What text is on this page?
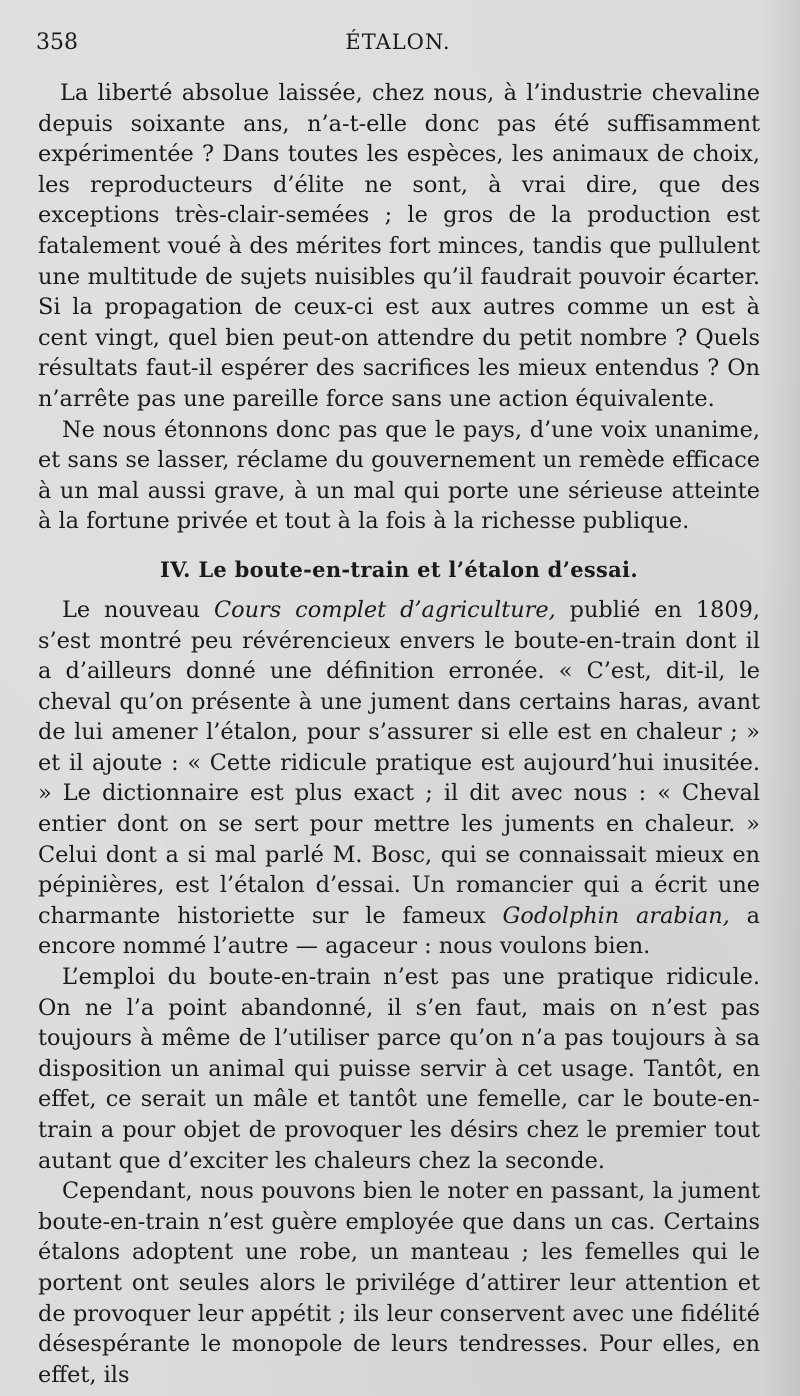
358	ÉTALON.

La liberté absolue laissée, chez nous, à l’industrie chevaline depuis soixante ans, n’a-t-elle donc pas été suffisamment expérimentée ? Dans toutes les espèces, les animaux de choix, les reproducteurs d’élite ne sont, à vrai dire, que des exceptions très-clair-semées ; le gros de la production est fatalement voué à des mérites fort minces, tandis que pullulent une multitude de sujets nuisibles qu’il faudrait pouvoir écarter. Si la propagation de ceux-ci est aux autres comme un est à cent vingt, quel bien peut-on attendre du petit nombre ? Quels résultats faut-il espérer des sacrifices les mieux entendus ? On n’arrête pas une pareille force sans une action équivalente.

Ne nous étonnons donc pas que le pays, d’une voix unanime, et sans se lasser, réclame du gouvernement un remède efficace à un mal aussi grave, à un mal qui porte une sérieuse atteinte à la fortune privée et tout à la fois à la richesse publique.

IV. Le boute-en-train et l’étalon d’essai.

Le nouveau Cours complet d’agriculture, publié en 1809, s’est montré peu révérencieux envers le boute-en-train dont il a d’ailleurs donné une définition erronée. « C’est, dit-il, le cheval qu’on présente à une jument dans certains haras, avant de lui amener l’étalon, pour s’assurer si elle est en chaleur ; » et il ajoute : « Cette ridicule pratique est aujourd’hui inusitée. » Le dictionnaire est plus exact ; il dit avec nous : « Cheval entier dont on se sert pour mettre les juments en chaleur. » Celui dont a si mal parlé M. Bosc, qui se connaissait mieux en pépinières, est l’étalon d’essai. Un romancier qui a écrit une charmante historiette sur le fameux Godolphin arabian, a encore nommé l’autre — agaceur : nous voulons bien.

L’emploi du boute-en-train n’est pas une pratique ridicule. On ne l’a point abandonné, il s’en faut, mais on n’est pas toujours à même de l’utiliser parce qu’on n’a pas toujours à sa disposition un animal qui puisse servir à cet usage. Tantôt, en effet, ce serait un mâle et tantôt une femelle, car le boute-en-train a pour objet de provoquer les désirs chez le premier tout autant que d’exciter les chaleurs chez la seconde.

Cependant, nous pouvons bien le noter en passant, la jument boute-en-train n’est guère employée que dans un cas. Certains étalons adoptent une robe, un manteau ; les femelles qui le portent ont seules alors le privilége d’attirer leur attention et de provoquer leur appétit ; ils leur conservent avec une fidélité désespérante le monopole de leurs tendresses. Pour elles, en effet, ils
